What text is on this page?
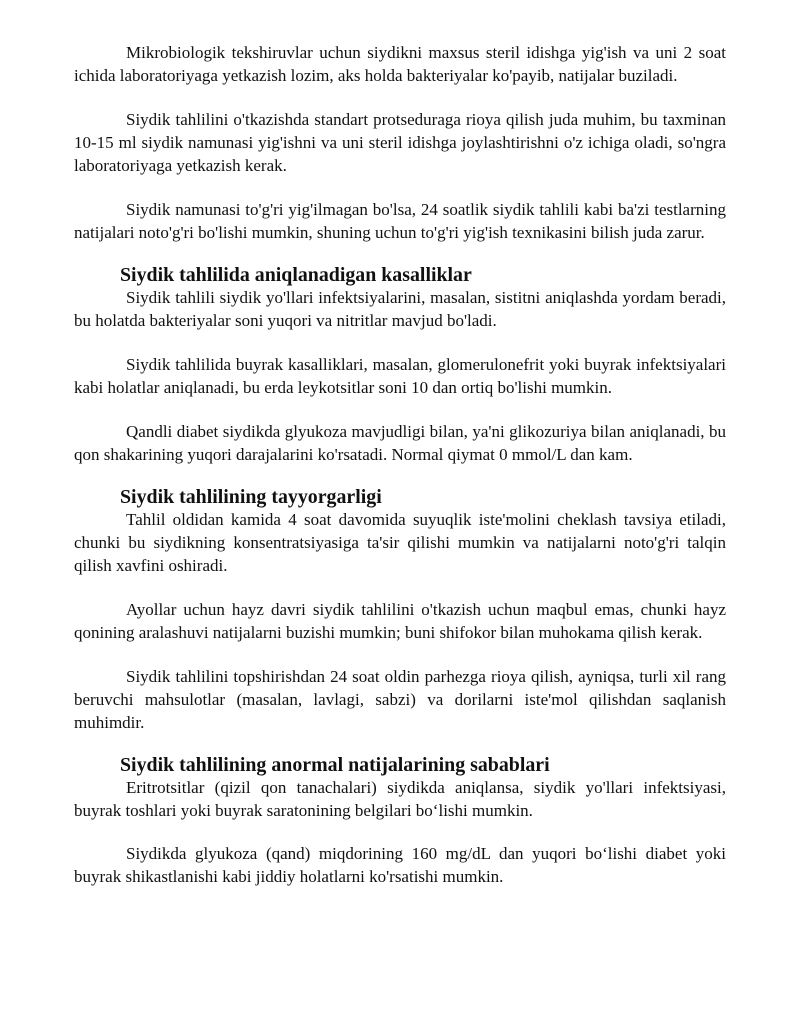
Mikrobiologik tekshiruvlar uchun siydikni maxsus steril idishga yig'ish va uni 2 soat ichida laboratoriyaga yetkazish lozim, aks holda bakteriyalar ko'payib, natijalar buziladi.

Siydik tahlilini o'tkazishda standart protseduraga rioya qilish juda muhim, bu taxminan 10-15 ml siydik namunasi yig'ishni va uni steril idishga joylashtirishni o'z ichiga oladi, so'ngra laboratoriyaga yetkazish kerak.

Siydik namunasi to'g'ri yig'ilmagan bo'lsa, 24 soatlik siydik tahlili kabi ba'zi testlarning natijalari noto'g'ri bo'lishi mumkin, shuning uchun to'g'ri yig'ish texnikasini bilish juda zarur.

Siydik tahlilida aniqlanadigan kasalliklar

Siydik tahlili siydik yo'llari infektsiyalarini, masalan, sistitni aniqlashda yordam beradi, bu holatda bakteriyalar soni yuqori va nitritlar mavjud bo'ladi.

Siydik tahlilida buyrak kasalliklari, masalan, glomerulonefrit yoki buyrak infektsiyalari kabi holatlar aniqlanadi, bu erda leykotsitlar soni 10 dan ortiq bo'lishi mumkin.

Qandli diabet siydikda glyukoza mavjudligi bilan, ya'ni glikozuriya bilan aniqlanadi, bu qon shakarining yuqori darajalarini ko'rsatadi. Normal qiymat 0 mmol/L dan kam.

Siydik tahlilining tayyorgarligi

Tahlil oldidan kamida 4 soat davomida suyuqlik iste'molini cheklash tavsiya etiladi, chunki bu siydikning konsentratsiyasiga ta'sir qilishi mumkin va natijalarni noto'g'ri talqin qilish xavfini oshiradi.

Ayollar uchun hayz davri siydik tahlilini o'tkazish uchun maqbul emas, chunki hayz qonining aralashuvi natijalarni buzishi mumkin; buni shifokor bilan muhokama qilish kerak.

Siydik tahlilini topshirishdan 24 soat oldin parhezga rioya qilish, ayniqsa, turli xil rang beruvchi mahsulotlar (masalan, lavlagi, sabzi) va dorilarni iste'mol qilishdan saqlanish muhimdir.

Siydik tahlilining anormal natijalarining sabablari

Eritrotsitlar (qizil qon tanachalari) siydikda aniqlansa, siydik yo'llari infektsiyasi, buyrak toshlari yoki buyrak saratonining belgilari bo‘lishi mumkin.

Siydikda glyukoza (qand) miqdorining 160 mg/dL dan yuqori bo‘lishi diabet yoki buyrak shikastlanishi kabi jiddiy holatlarni ko'rsatishi mumkin.
